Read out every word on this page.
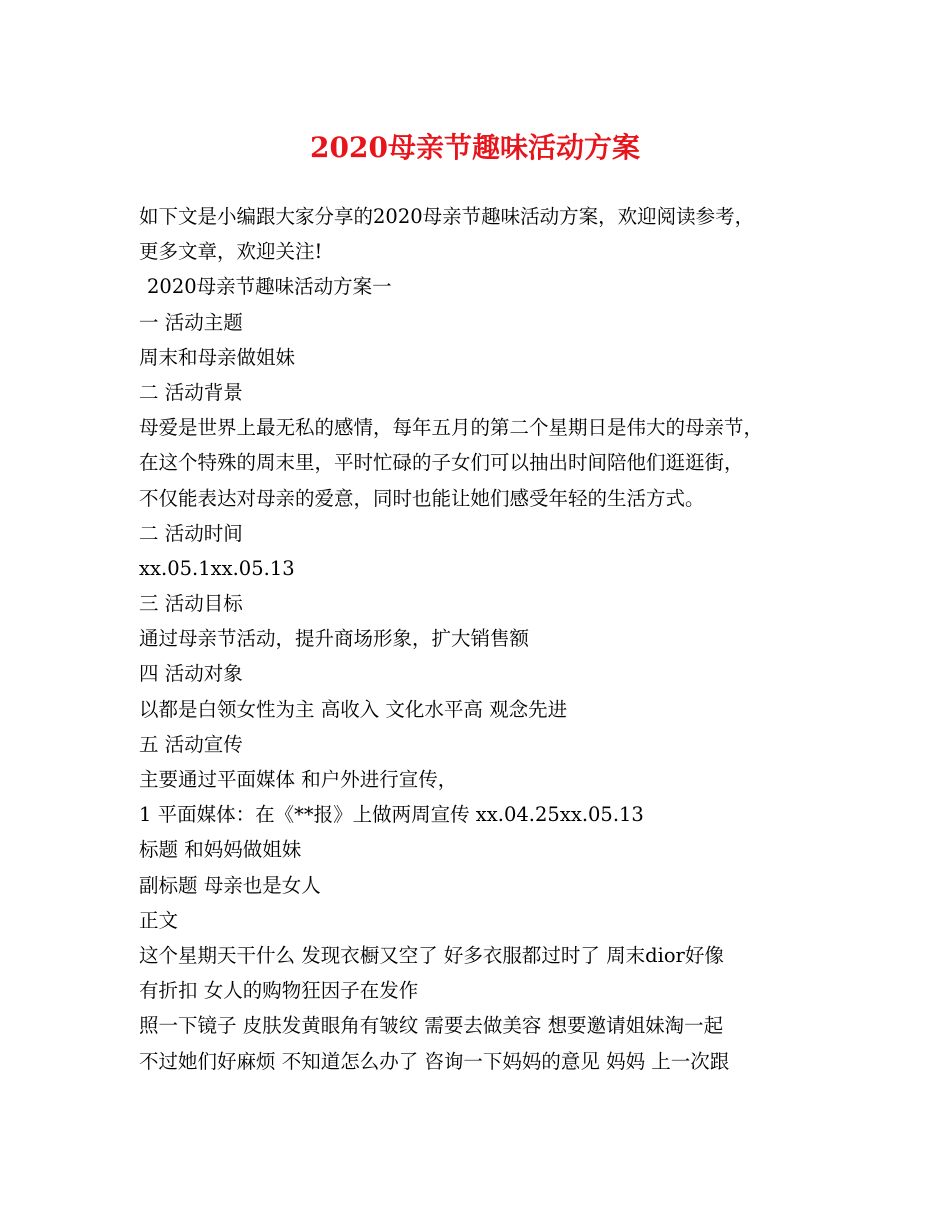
2020母亲节趣味活动方案
如下文是小编跟大家分享的2020母亲节趣味活动方案，欢迎阅读参考，
更多文章，欢迎关注!
2020母亲节趣味活动方案一
一 活动主题
周末和母亲做姐妹
二 活动背景
母爱是世界上最无私的感情，每年五月的第二个星期日是伟大的母亲节，
在这个特殊的周末里，平时忙碌的子女们可以抽出时间陪他们逛逛街，
不仅能表达对母亲的爱意，同时也能让她们感受年轻的生活方式。
二 活动时间
xx.05.1xx.05.13
三 活动目标
通过母亲节活动，提升商场形象，扩大销售额
四 活动对象
以都是白领女性为主 高收入 文化水平高 观念先进
五 活动宣传
主要通过平面媒体 和户外进行宣传，
1 平面媒体：在《**报》上做两周宣传 xx.04.25xx.05.13
标题 和妈妈做姐妹
副标题 母亲也是女人
正文
这个星期天干什么 发现衣橱又空了 好多衣服都过时了 周末dior好像
有折扣 女人的购物狂因子在发作
照一下镜子 皮肤发黄眼角有皱纹 需要去做美容 想要邀请姐妹淘一起
不过她们好麻烦 不知道怎么办了 咨询一下妈妈的意见 妈妈 上一次跟
